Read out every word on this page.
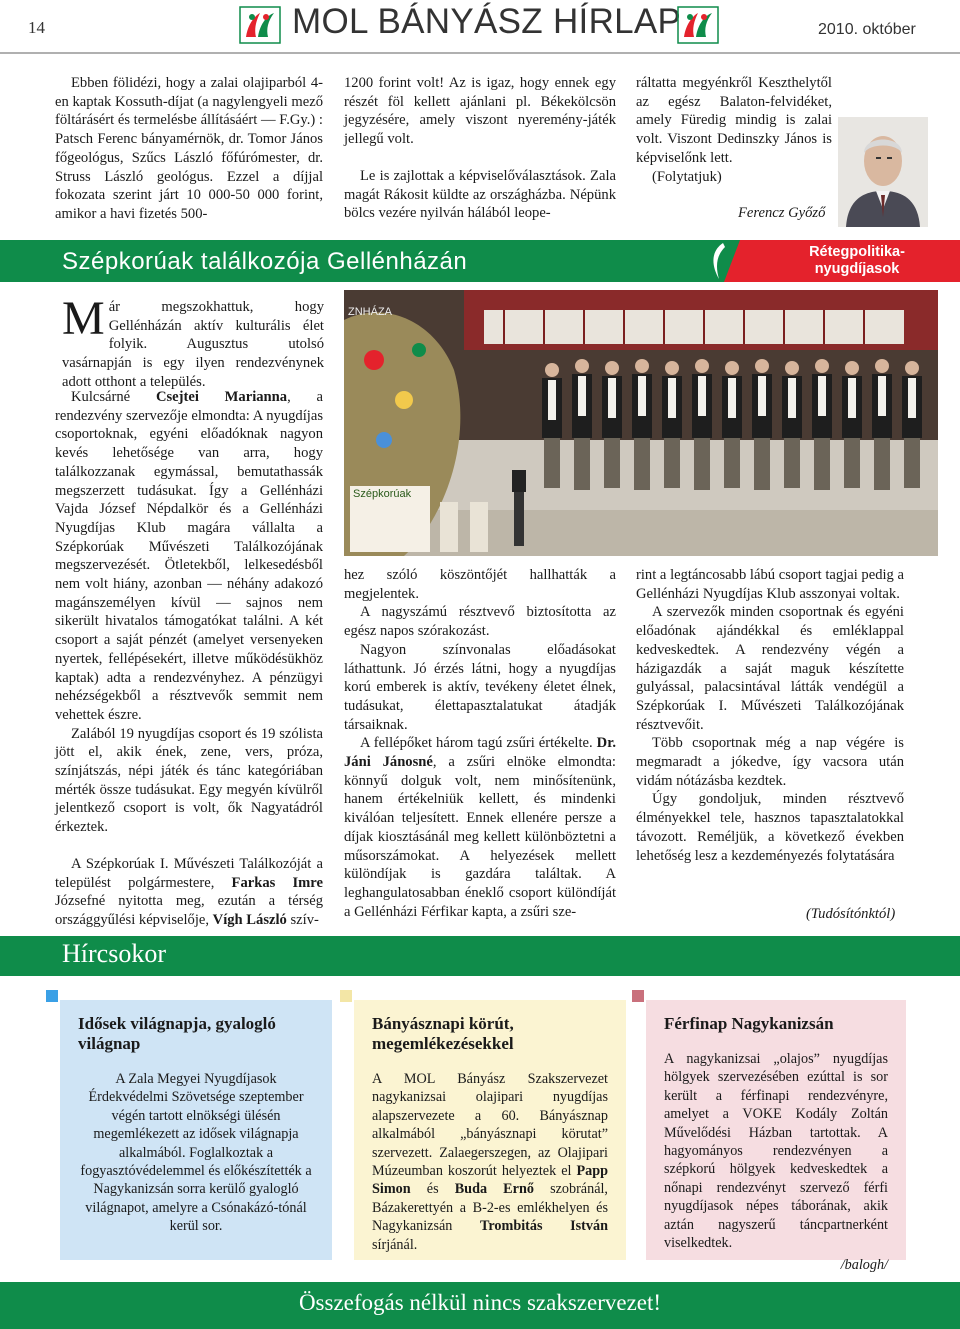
14	MOL BÁNYÁSZ HÍRLAP	2010. október

Ebben fölidézi, hogy a zalai olajiparból 4-en kaptak Kossuth-díjat (a nagylengyeli mező föltárásért és termelésbe állításáért — F.Gy.) : Patsch Ferenc bányamérnök, dr. Tomor János főgeológus, Szűcs László főfúrómester, dr. Struss László geológus. Ezzel a díjjal fokozata szerint járt 10 000-50 000 forint, amikor a havi fizetés 500-

1200 forint volt! Az is igaz, hogy ennek egy részét föl kellett ajánlani pl. Békekölcsön jegyzésére, amely viszont nyeremény-játék jellegű volt.

Le is zajlottak a képviselőválasztások. Zala magát Rákosit küldte az országházba. Népünk bölcs vezére nyilván hálából leope-

ráltatta megyénkről Keszthelytől az egész Balaton-felvidéket, amely Füredig mindig is zalai volt. Viszont Dedinszky János is képviselőnk lett.

(Folytatjuk)

Ferencz Győző
Szépkorúak találkozója Gellénházán	Rétegpolitika-nyugdíjasok
Már megszokhattuk, hogy Gellénházán aktív kulturális élet folyik. Augusztus utolsó vasárnapján is egy ilyen rendezvénynek adott otthont a település.

Kulcsárné Csejtei Marianna, a rendezvény szervezője elmondta: A nyugdíjas csoportoknak, egyéni előadóknak nagyon kevés lehetősége van arra, hogy találkozzanak egymással, bemutathassák megszerzett tudásukat. Így a Gellénházi Vajda József Népdalkör és a Gellénházi Nyugdíjas Klub magára vállalta a Szépkorúak Művészeti Találkozójának megszervezését. Ötletekből, lelkesedésből nem volt hiány, azonban — néhány adakozó magánszemélyen kívül — sajnos nem sikerült hivatalos támogatókat találni. A két csoport a saját pénzét (amelyet versenyeken nyertek, fellépésekért, illetve működésükhöz kaptak) adta a rendezvényhez. A pénzügyi nehézségekből a résztvevők semmit nem vehettek észre.

Zalából 19 nyugdíjas csoport és 19 szólista jött el, akik ének, zene, vers, próza, színjátszás, népi játék és tánc kategóriában mérték össze tudásukat. Egy megyén kívülről jelentkező csoport is volt, ők Nagyatádról érkeztek.

A Szépkorúak I. Művészeti Találkozóját a települést polgármestere, Farkas Imre Józsefné nyitotta meg, ezután a térség országgyűlési képviselője, Vígh László szív-

ZNHÁZA
Szépkorúak

hez szóló köszöntőjét hallhatták a megjelentek.

A nagyszámú résztvevő biztosította az egész napos szórakozást.

Nagyon színvonalas előadásokat láthattunk. Jó érzés látni, hogy a nyugdíjas korú emberek is aktív, tevékeny életet élnek, tudásukat, élettapasztalatukat átadják társaiknak.

A fellépőket három tagú zsűri értékelte. Dr. Jáni Jánosné, a zsűri elnöke elmondta: könnyű dolguk volt, nem minősítenünk, hanem értékelniük kellett, és mindenki kiválóan teljesített. Ennek ellenére persze a díjak kiosztásánál meg kellett különböztetni a műsorszámokat. A helyezések mellett különdíjak is gazdára találtak. A leghangulatosabban éneklő csoport különdíját a Gellénházi Férfikar kapta, a zsűri sze-

rint a legtáncosabb lábú csoport tagjai pedig a Gellénházi Nyugdíjas Klub asszonyai voltak.

A szervezők minden csoportnak és egyéni előadónak ajándékkal és emléklappal kedveskedtek. A rendezvény végén a házigazdák a saját maguk készítette gulyással, palacsintával látták vendégül a Szépkorúak I. Művészeti Találkozójának résztvevőit.

Több csoportnak még a nap végére is megmaradt a jókedve, így vacsora után vidám nótázásba kezdtek.

Úgy gondoljuk, minden résztvevő élményekkel tele, hasznos tapasztalatokkal távozott. Reméljük, a következő években lehetőség lesz a kezdeményezés folytatására

(Tudósítónktól)
Hírcsokor
Idősek világnapja, gyalogló világnap

A Zala Megyei Nyugdíjasok Érdekvédelmi Szövetsége szeptember végén tartott elnökségi ülésén megemlékezett az idősek világnapja alkalmából. Foglalkoztak a fogyasztóvédelemmel és előkészítették a Nagykanizsán sorra kerülő gyalogló világnapot, amelyre a Csónakázó-tónál kerül sor.

Bányásznapi körút, megemlékezésekkel

A MOL Bányász Szakszervezet nagykanizsai olajipari nyugdíjas alapszervezete a 60. Bányásznap alkalmából „bányásznapi körutat” szervezett. Zalaegerszegen, az Olajipari Múzeumban koszorút helyeztek el Papp Simon és Buda Ernő szobránál, Bázakerettyén a B-2-es emlékhelyen és Nagykanizsán Trombitás István sírjánál.

Férfinap Nagykanizsán

A nagykanizsai „olajos” nyugdíjas hölgyek szervezésében ezúttal is sor került a férfinapi rendezvényre, amelyet a VOKE Kodály Zoltán Művelődési Házban tartottak. A hagyományos rendezvényen a szépkorú hölgyek kedveskedtek a nőnapi rendezvényt szervező férfi nyugdíjasok népes táborának, akik aztán nagyszerű táncpartnerként viselkedtek.

/balogh/

Összefogás nélkül nincs szakszervezet!
